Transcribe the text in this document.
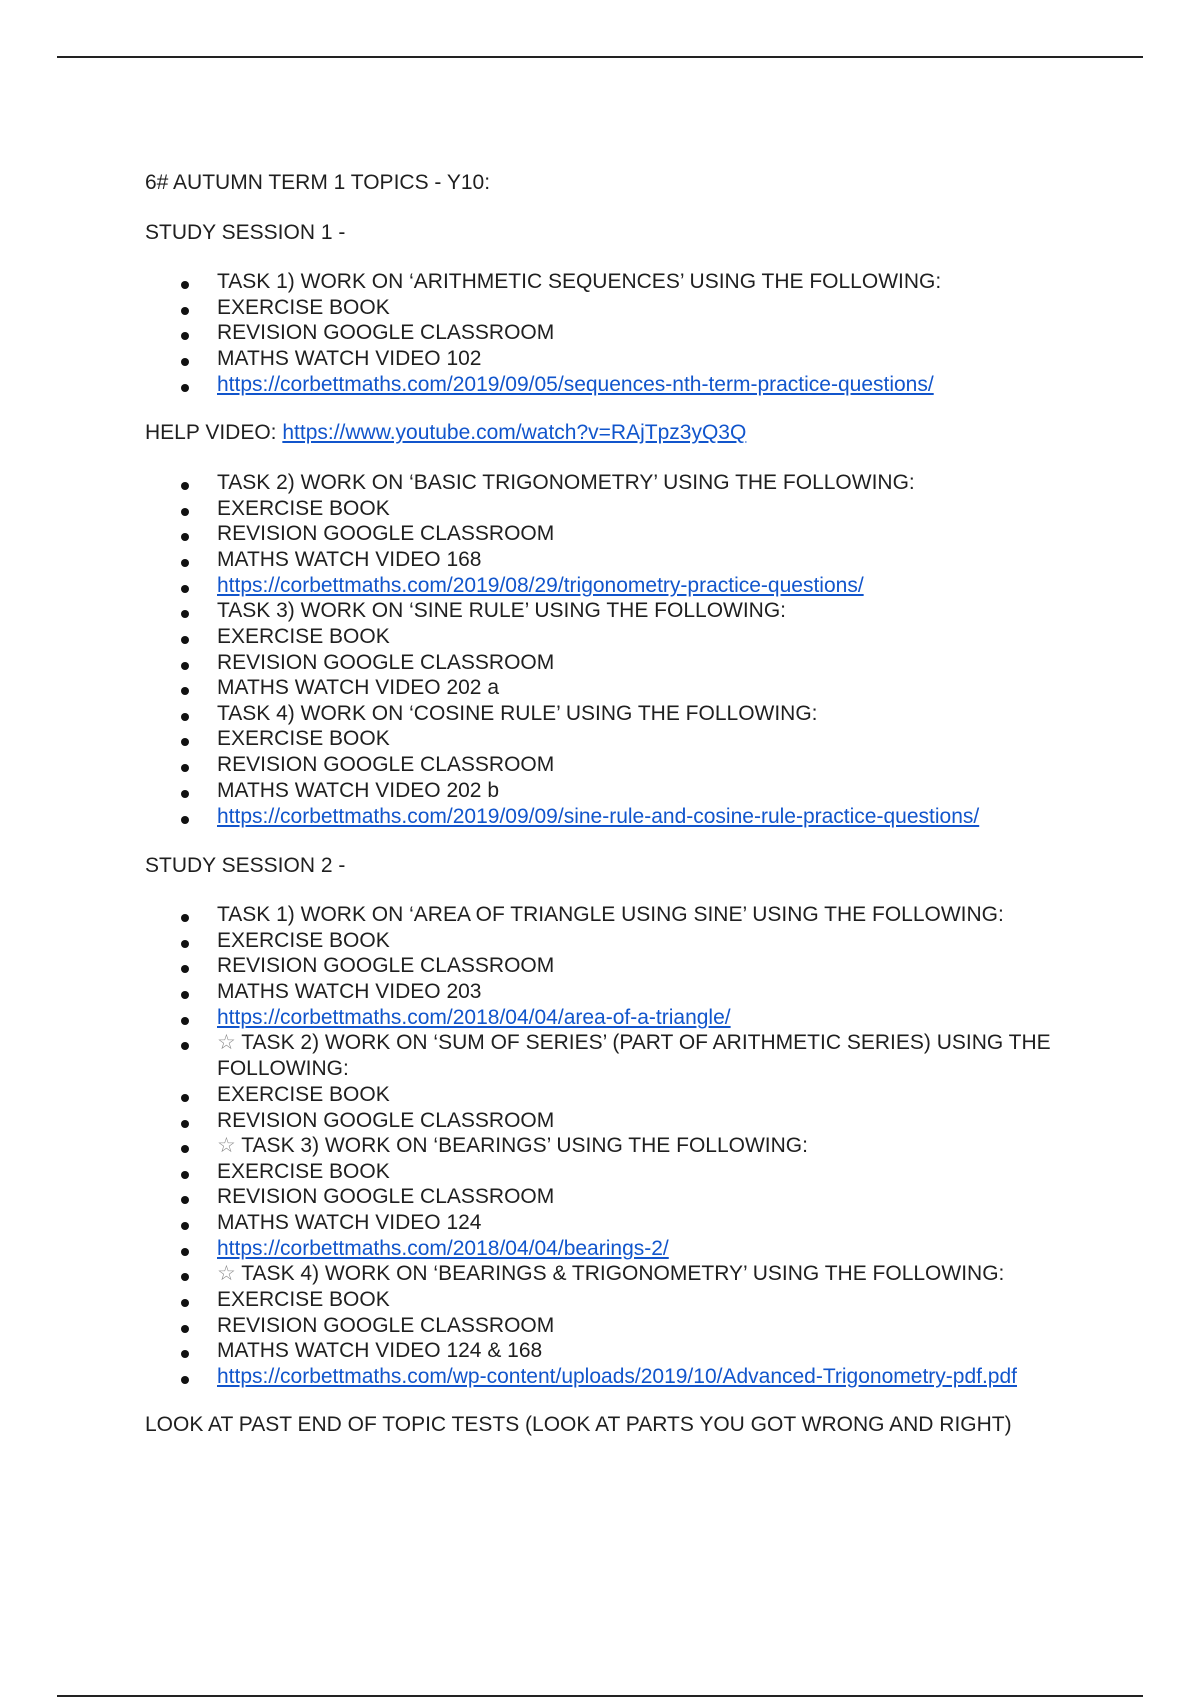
6# AUTUMN TERM 1 TOPICS - Y10:
STUDY SESSION 1 -
TASK 1) WORK ON ‘ARITHMETIC SEQUENCES’ USING THE FOLLOWING:
EXERCISE BOOK
REVISION GOOGLE CLASSROOM
MATHS WATCH VIDEO 102
https://corbettmaths.com/2019/09/05/sequences-nth-term-practice-questions/
HELP VIDEO: https://www.youtube.com/watch?v=RAjTpz3yQ3Q
TASK 2) WORK ON ‘BASIC TRIGONOMETRY’ USING THE FOLLOWING:
EXERCISE BOOK
REVISION GOOGLE CLASSROOM
MATHS WATCH VIDEO 168
https://corbettmaths.com/2019/08/29/trigonometry-practice-questions/
TASK 3) WORK ON ‘SINE RULE’ USING THE FOLLOWING:
EXERCISE BOOK
REVISION GOOGLE CLASSROOM
MATHS WATCH VIDEO 202 a
TASK 4) WORK ON ‘COSINE RULE’ USING THE FOLLOWING:
EXERCISE BOOK
REVISION GOOGLE CLASSROOM
MATHS WATCH VIDEO 202 b
https://corbettmaths.com/2019/09/09/sine-rule-and-cosine-rule-practice-questions/
STUDY SESSION 2 -
TASK 1) WORK ON ‘AREA OF TRIANGLE USING SINE’ USING THE FOLLOWING:
EXERCISE BOOK
REVISION GOOGLE CLASSROOM
MATHS WATCH VIDEO 203
https://corbettmaths.com/2018/04/04/area-of-a-triangle/
☆ TASK 2) WORK ON ‘SUM OF SERIES’ (PART OF ARITHMETIC SERIES) USING THE FOLLOWING:
EXERCISE BOOK
REVISION GOOGLE CLASSROOM
☆ TASK 3) WORK ON ‘BEARINGS’ USING THE FOLLOWING:
EXERCISE BOOK
REVISION GOOGLE CLASSROOM
MATHS WATCH VIDEO 124
https://corbettmaths.com/2018/04/04/bearings-2/
☆ TASK 4) WORK ON ‘BEARINGS & TRIGONOMETRY’ USING THE FOLLOWING:
EXERCISE BOOK
REVISION GOOGLE CLASSROOM
MATHS WATCH VIDEO 124 & 168
https://corbettmaths.com/wp-content/uploads/2019/10/Advanced-Trigonometry-pdf.pdf
LOOK AT PAST END OF TOPIC TESTS (LOOK AT PARTS YOU GOT WRONG AND RIGHT)
